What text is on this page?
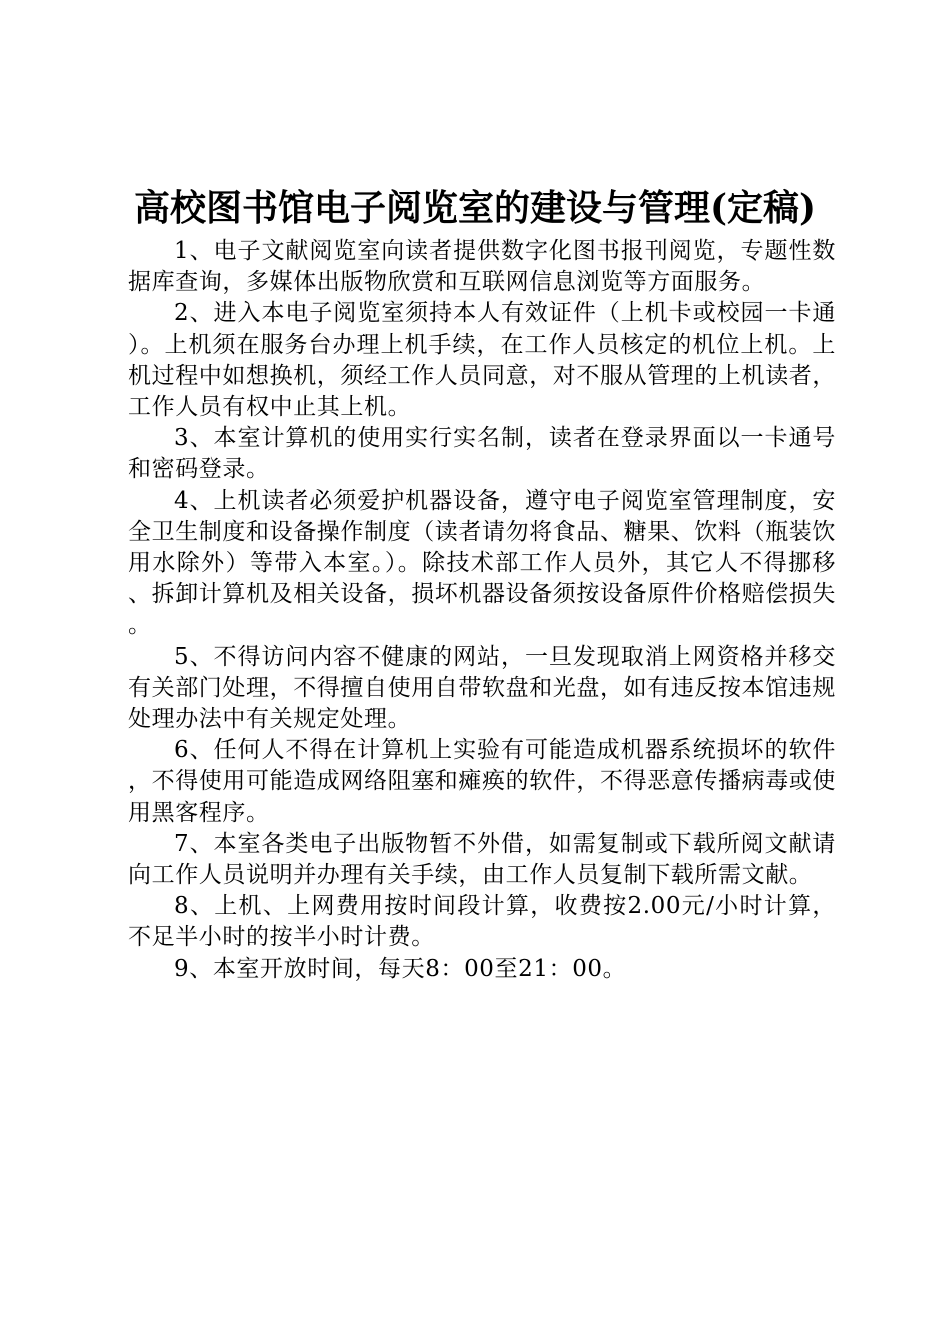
高校图书馆电子阅览室的建设与管理(定稿)

1、电子文献阅览室向读者提供数字化图书报刊阅览，专题性数据库查询，多媒体出版物欣赏和互联网信息浏览等方面服务。

2、进入本电子阅览室须持本人有效证件（上机卡或校园一卡通）。上机须在服务台办理上机手续，在工作人员核定的机位上机。上机过程中如想换机，须经工作人员同意，对不服从管理的上机读者，工作人员有权中止其上机。

3、本室计算机的使用实行实名制，读者在登录界面以一卡通号和密码登录。

4、上机读者必须爱护机器设备，遵守电子阅览室管理制度，安全卫生制度和设备操作制度（读者请勿将食品、糖果、饮料（瓶装饮用水除外）等带入本室。）。除技术部工作人员外，其它人不得挪移、拆卸计算机及相关设备，损坏机器设备须按设备原件价格赔偿损失。

5、不得访问内容不健康的网站，一旦发现取消上网资格并移交有关部门处理，不得擅自使用自带软盘和光盘，如有违反按本馆违规处理办法中有关规定处理。

6、任何人不得在计算机上实验有可能造成机器系统损坏的软件，不得使用可能造成网络阻塞和瘫痪的软件，不得恶意传播病毒或使用黑客程序。

7、本室各类电子出版物暂不外借，如需复制或下载所阅文献请向工作人员说明并办理有关手续，由工作人员复制下载所需文献。

8、上机、上网费用按时间段计算，收费按2.00元/小时计算，不足半小时的按半小时计费。

9、本室开放时间，每天8：00至21：00。
